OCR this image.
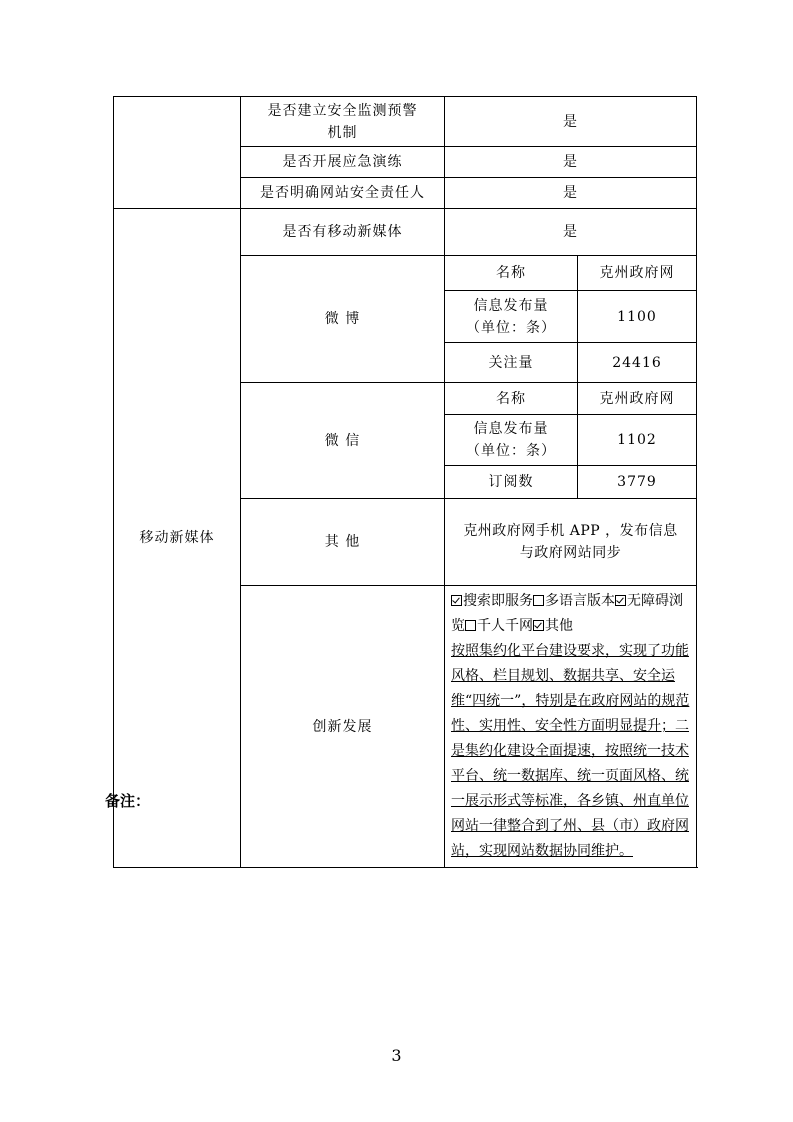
	是否建立安全监测预警
机制	是	
	是否开展应急演练	是	
	是否明确网站安全责任人	是	
移动新媒体	是否有移动新媒体	是	
	微 博	名称	克州政府网
		信息发布量
（单位：条）	1100
		关注量	24416
	微 信	名称	克州政府网
		信息发布量
（单位：条）	1102
		订阅数	3779
	其 他	克州政府网手机 APP ，发布信息
与政府网站同步	
	创新发展	搜索即服务 多语言版本 无障碍浏览 千人千网 其他
按照集约化平台建设要求，实现了功能风格、栏目规划、数据共享、安全运维“四统一”，特别是在政府网站的规范性、实用性、安全性方面明显提升；二是集约化建设全面提速，按照统一技术平台、统一数据库、统一页面风格、统一展示形式等标准，各乡镇、州直单位网站一律整合到了州、县（市）政府网站，实现网站数据协同维护。	
备注：
3
